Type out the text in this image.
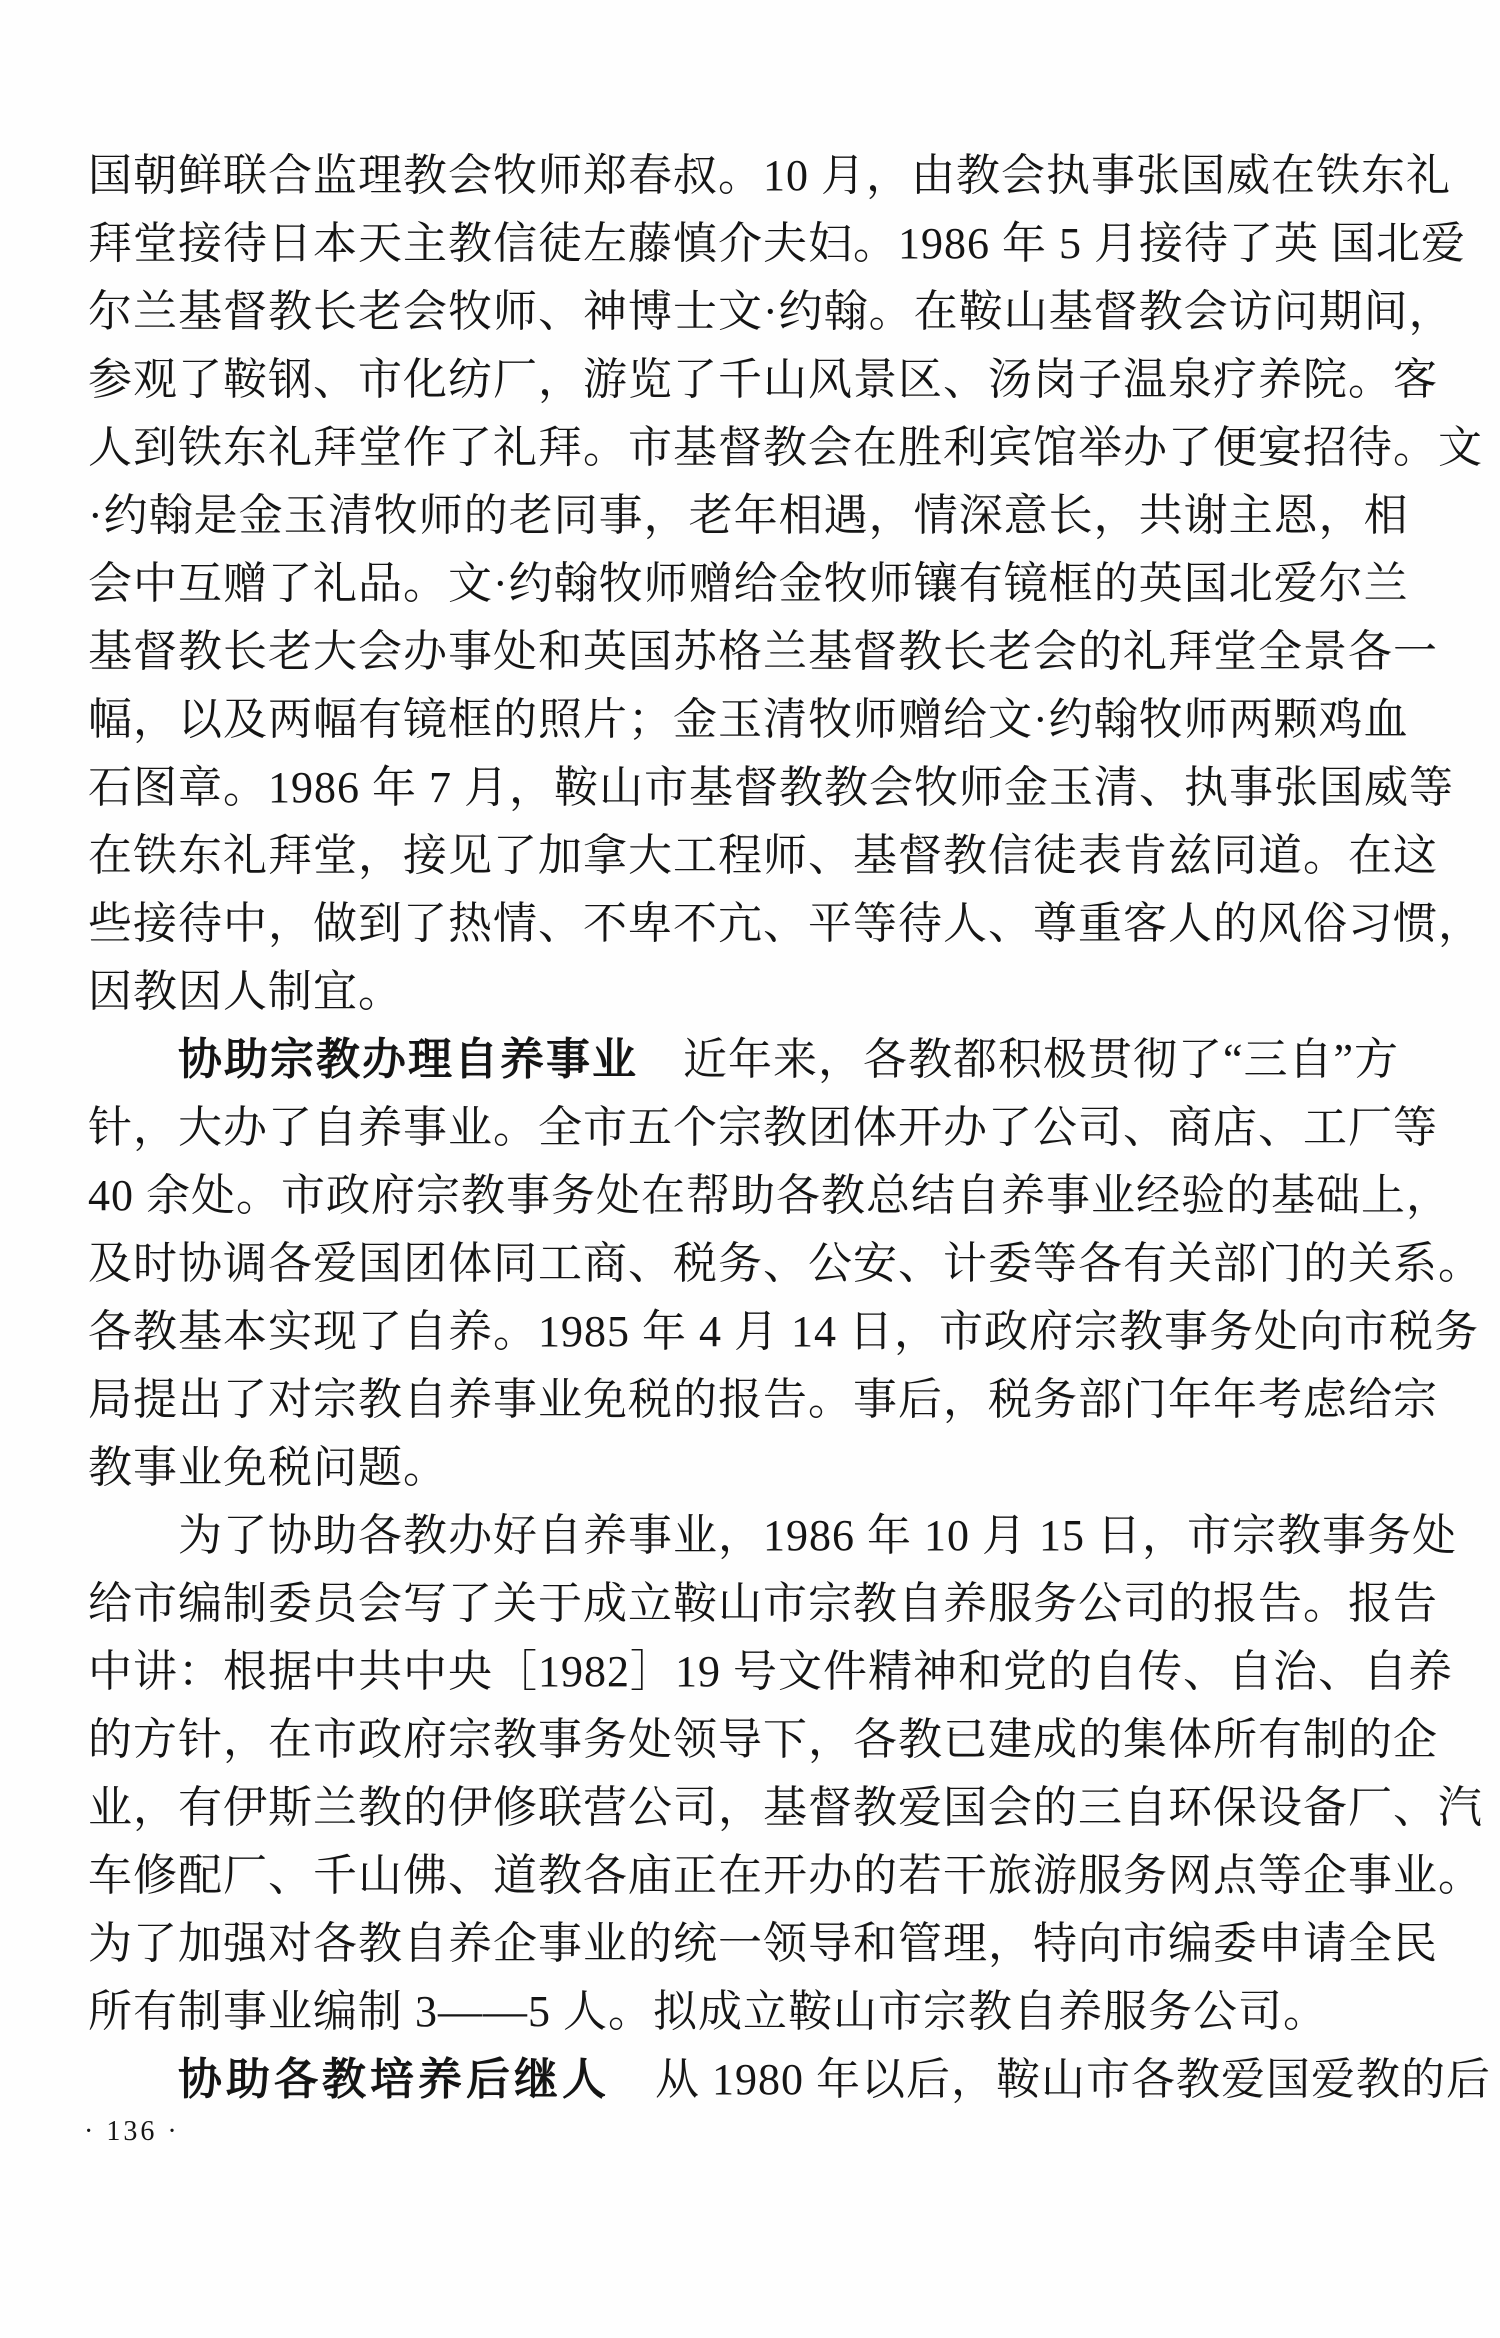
国朝鲜联合监理教会牧师郑春叔。10 月，由教会执事张国威在铁东礼

拜堂接待日本天主教信徒左藤慎介夫妇。1986 年 5 月接待了英 国北爱

尔兰基督教长老会牧师、神博士文·约翰。在鞍山基督教会访问期间，

参观了鞍钢、市化纺厂，游览了千山风景区、汤岗子温泉疗养院。客

人到铁东礼拜堂作了礼拜。市基督教会在胜利宾馆举办了便宴招待。文

·约翰是金玉清牧师的老同事，老年相遇，情深意长，共谢主恩，相

会中互赠了礼品。文·约翰牧师赠给金牧师镶有镜框的英国北爱尔兰

基督教长老大会办事处和英国苏格兰基督教长老会的礼拜堂全景各一

幅，以及两幅有镜框的照片；金玉清牧师赠给文·约翰牧师两颗鸡血

石图章。1986 年 7 月，鞍山市基督教教会牧师金玉清、执事张国威等

在铁东礼拜堂，接见了加拿大工程师、基督教信徒表肯兹同道。在这

些接待中，做到了热情、不卑不亢、平等待人、尊重客人的风俗习惯，

因教因人制宜。

协助宗教办理自养事业　近年来，各教都积极贯彻了“三自”方

针，大办了自养事业。全市五个宗教团体开办了公司、商店、工厂等

40 余处。市政府宗教事务处在帮助各教总结自养事业经验的基础上，

及时协调各爱国团体同工商、税务、公安、计委等各有关部门的关系。

各教基本实现了自养。1985 年 4 月 14 日，市政府宗教事务处向市税务

局提出了对宗教自养事业免税的报告。事后，税务部门年年考虑给宗

教事业免税问题。

为了协助各教办好自养事业，1986 年 10 月 15 日，市宗教事务处

给市编制委员会写了关于成立鞍山市宗教自养服务公司的报告。报告

中讲：根据中共中央［1982］19 号文件精神和党的自传、自治、自养

的方针，在市政府宗教事务处领导下，各教已建成的集体所有制的企

业，有伊斯兰教的伊修联营公司，基督教爱国会的三自环保设备厂、汽

车修配厂、千山佛、道教各庙正在开办的若干旅游服务网点等企事业。

为了加强对各教自养企事业的统一领导和管理，特向市编委申请全民

所有制事业编制 3——5 人。拟成立鞍山市宗教自养服务公司。

协助各教培养后继人　从 1980 年以后，鞍山市各教爱国爱教的后

· 136 ·
